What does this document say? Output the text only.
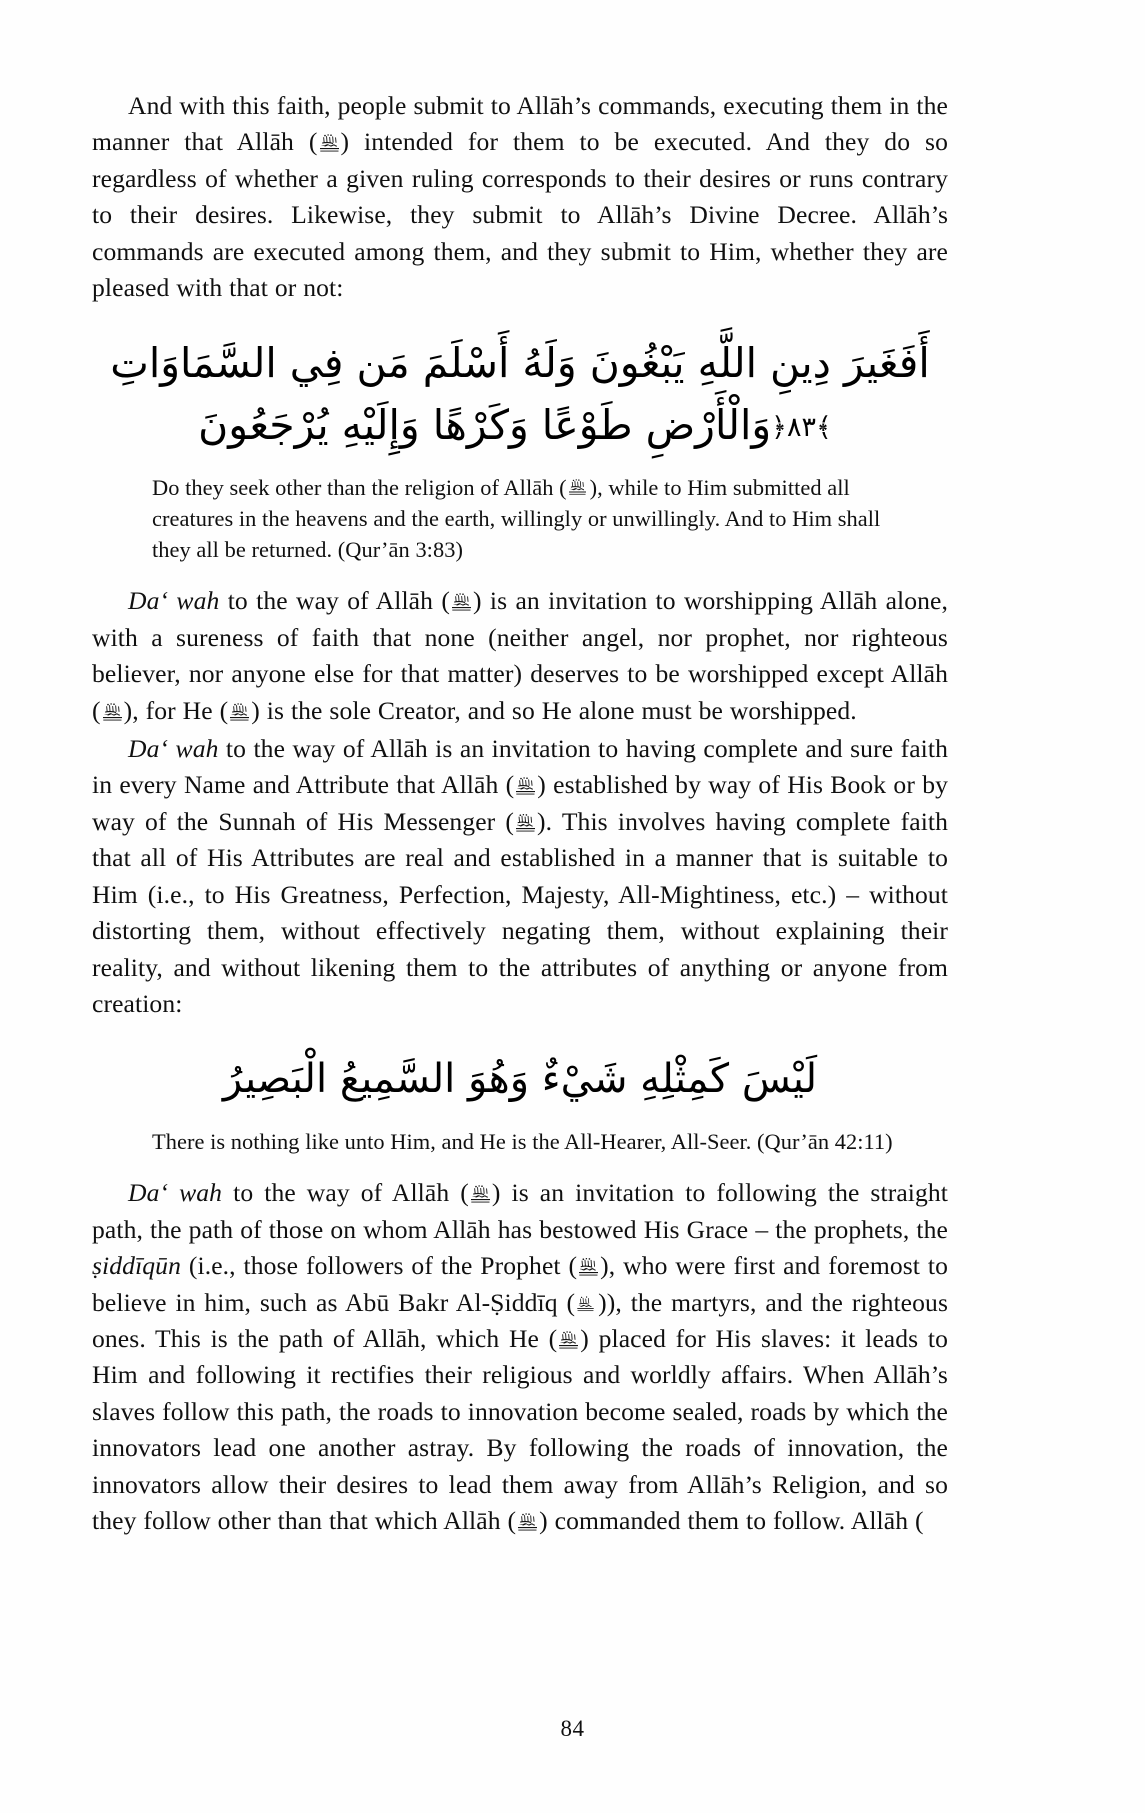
And with this faith, people submit to Allāh’s commands, executing them in the manner that Allāh ( ) intended for them to be executed. And they do so regardless of whether a given ruling corresponds to their desires or runs contrary to their desires. Likewise, they submit to Allāh’s Divine Decree. Allāh’s commands are executed among them, and they submit to Him, whether they are pleased with that or not:

أَفَغَيرَ دِينِ اللَّهِ يَبْغُونَ وَلَهُ أَسْلَمَ مَن فِي السَّمَاوَاتِ
﴾۸۳﴿وَالْأَرْضِ طَوْعًا وَكَرْهًا وَإِلَيْهِ يُرْجَعُونَ

Do they seek other than the religion of Allāh ( ), while to Him submitted all creatures in the heavens and the earth, willingly or unwillingly. And to Him shall they all be returned. (Qur’ān 3:83)

Daʻ wah to the way of Allāh ( ) is an invitation to worshipping Allāh alone, with a sureness of faith that none (neither angel, nor prophet, nor righteous believer, nor anyone else for that matter) deserves to be worshipped except Allāh ( ), for He ( ) is the sole Creator, and so He alone must be worshipped.

Daʻ wah to the way of Allāh is an invitation to having complete and sure faith in every Name and Attribute that Allāh ( ) established by way of His Book or by way of the Sunnah of His Messenger ( ). This involves having complete faith that all of His Attributes are real and established in a manner that is suitable to Him (i.e., to His Greatness, Perfection, Majesty, All-Mightiness, etc.) – without distorting them, without effectively negating them, without explaining their reality, and without likening them to the attributes of anything or anyone from creation:

لَيْسَ كَمِثْلِهِ شَيْءٌ وَهُوَ السَّمِيعُ الْبَصِيرُ

There is nothing like unto Him, and He is the All-Hearer, All-Seer. (Qur’ān 42:11)

Daʻ wah to the way of Allāh ( ) is an invitation to following the straight path, the path of those on whom Allāh has bestowed His Grace – the prophets, the ṣiddīqūn (i.e., those followers of the Prophet ( ), who were first and foremost to believe in him, such as Abū Bakr Al-Ṣiddīq ( )), the martyrs, and the righteous ones. This is the path of Allāh, which He ( ) placed for His slaves: it leads to Him and following it rectifies their religious and worldly affairs. When Allāh’s slaves follow this path, the roads to innovation become sealed, roads by which the innovators lead one another astray. By following the roads of innovation, the innovators allow their desires to lead them away from Allāh’s Religion, and so they follow other than that which Allāh ( ) commanded them to follow. Allāh (

84
